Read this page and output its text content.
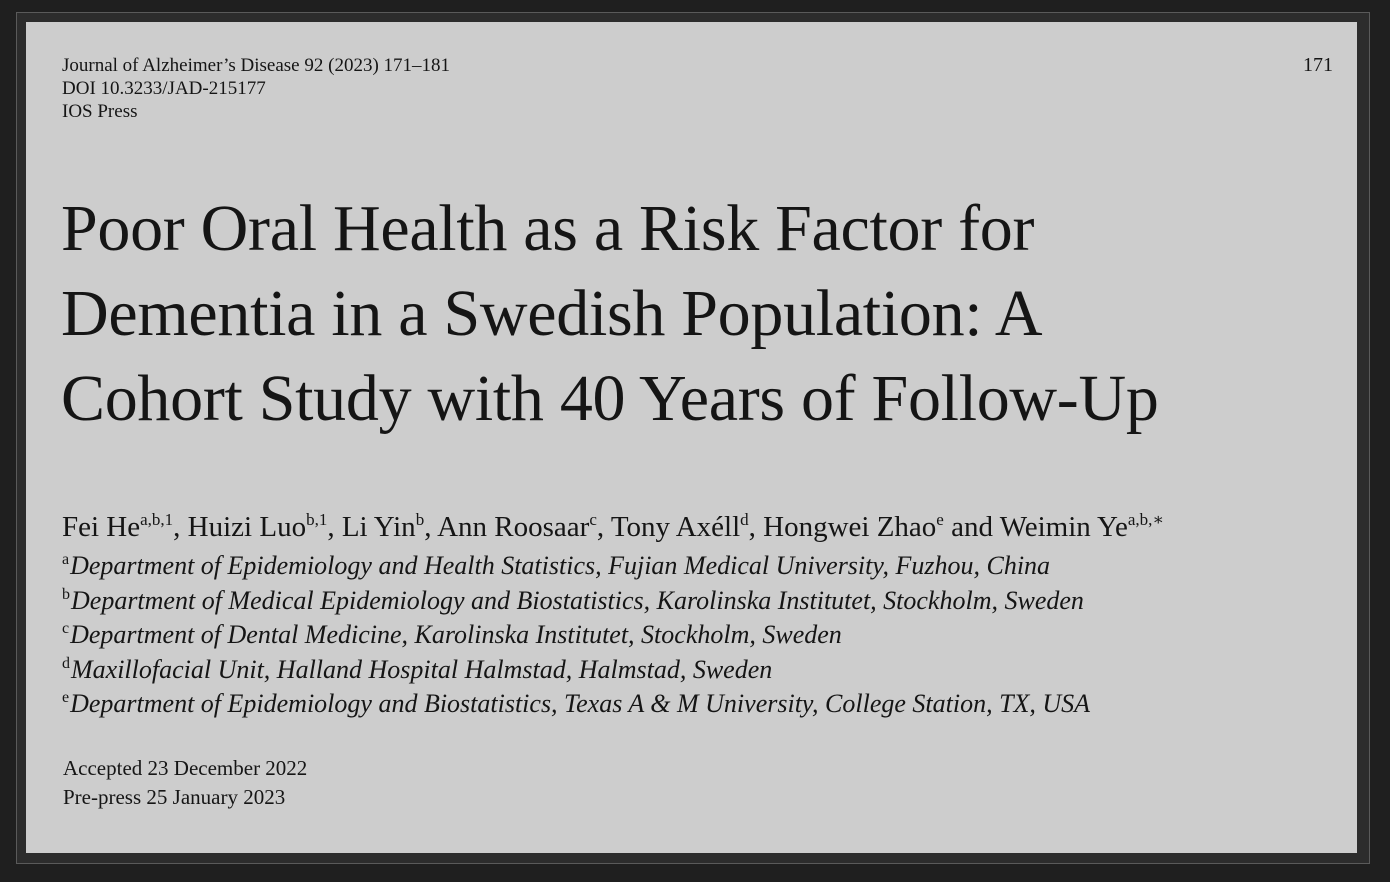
Journal of Alzheimer’s Disease 92 (2023) 171–181
DOI 10.3233/JAD-215177
IOS Press
171
Poor Oral Health as a Risk Factor for
Dementia in a Swedish Population: A
Cohort Study with 40 Years of Follow-Up
Fei He$^{a,b,1}$, Huizi Luo$^{b,1}$, Li Yin$^b$, Ann Roosaar$^c$, Tony Axéll$^d$, Hongwei Zhao$^e$ and Weimin $Ye^{a,b,∗}$
$^a$Department of Epidemiology and Health Statistics, Fujian Medical University, Fuzhou, China
$^b$Department of Medical Epidemiology and Biostatistics, Karolinska Institutet, Stockholm, Sweden
$^c$Department of Dental Medicine, Karolinska Institutet, Stockholm, Sweden
$^d$Maxillofacial Unit, Halland Hospital Halmstad, Halmstad, Sweden
$^e$Department of Epidemiology and Biostatistics, Texas A & M University, College Station, TX, USA
Accepted 23 December 2022
Pre-press 25 January 2023
